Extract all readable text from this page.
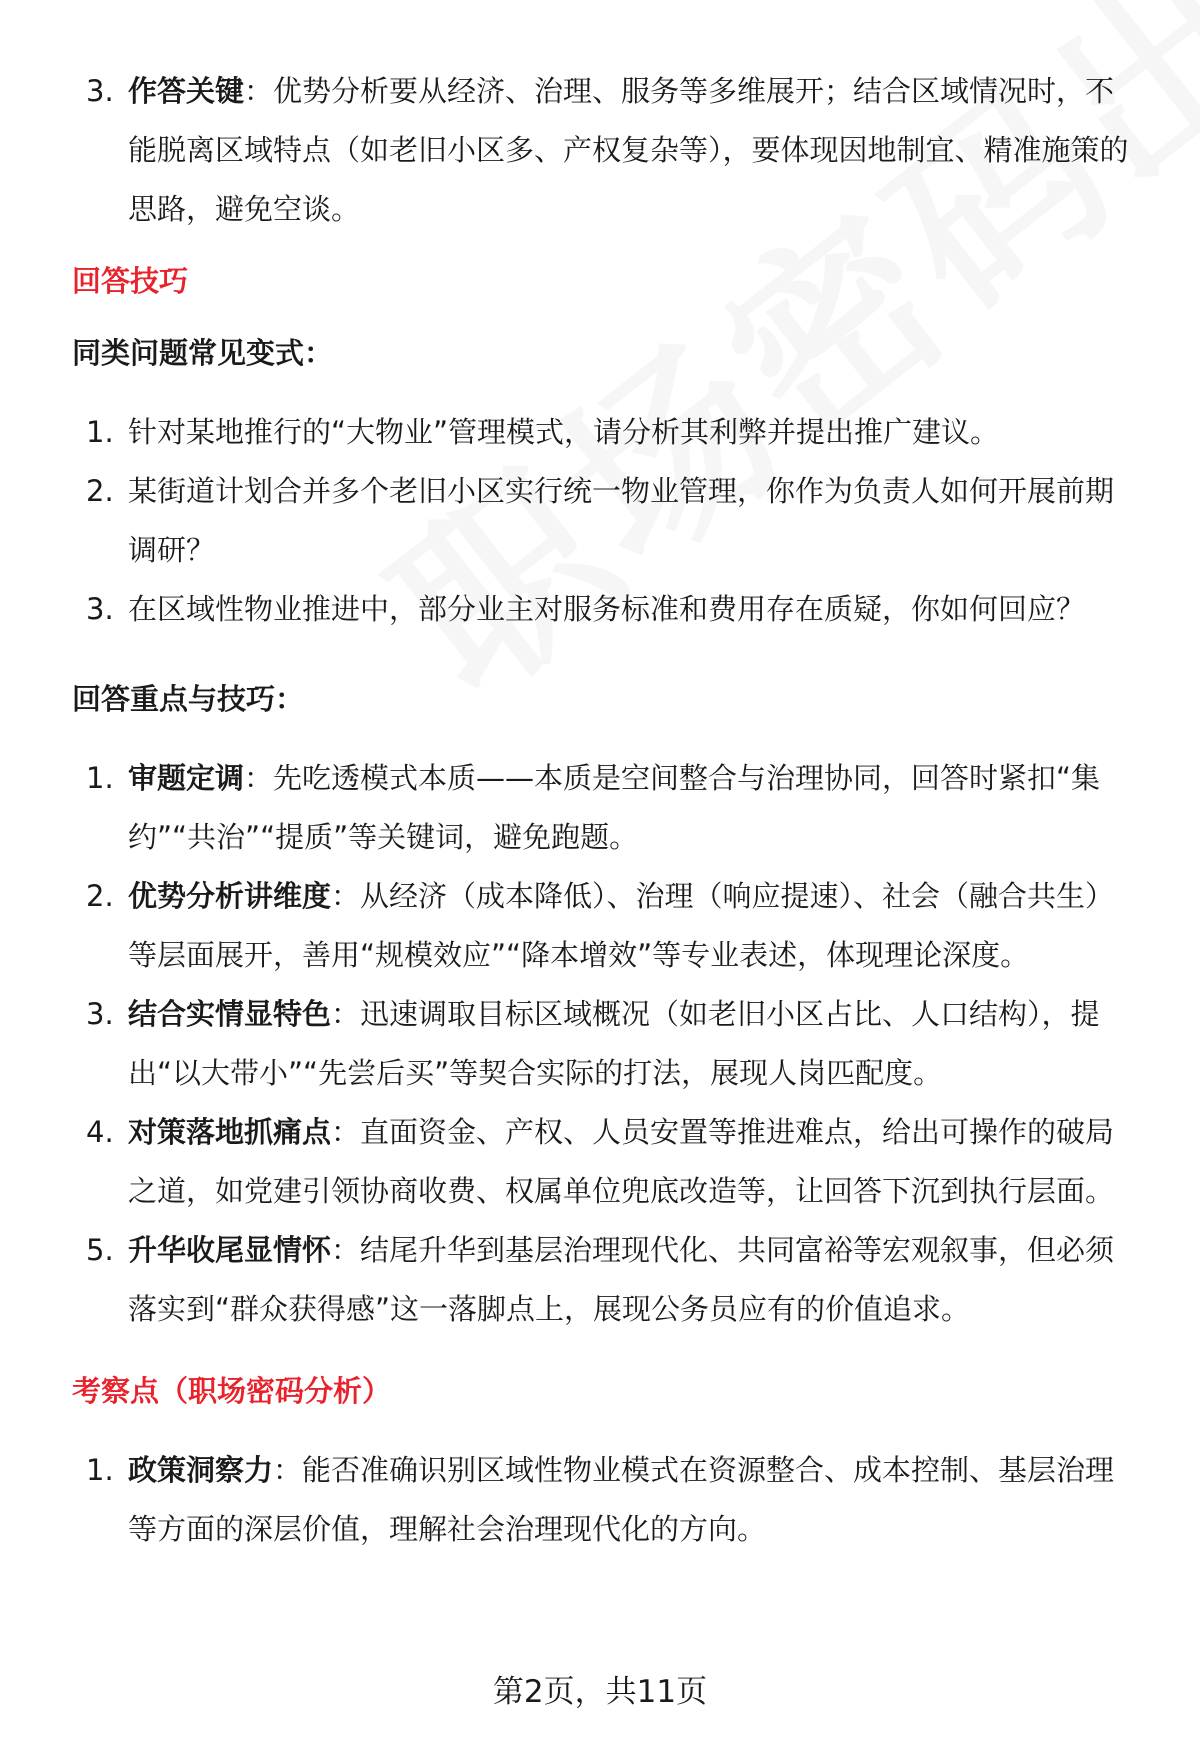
3. 作答关键：优势分析要从经济、治理、服务等多维展开；结合区域情况时，不能脱离区域特点（如老旧小区多、产权复杂等），要体现因地制宜、精准施策的思路，避免空谈。
回答技巧
同类问题常见变式：
1. 针对某地推行的“大物业”管理模式，请分析其利弊并提出推广建议。
2. 某街道计划合并多个老旧小区实行统一物业管理，你作为负责人如何开展前期调研？
3. 在区域性物业推进中，部分业主对服务标准和费用存在质疑，你如何回应？
回答重点与技巧：
1. 审题定调：先吃透模式本质——本质是空间整合与治理协同，回答时紧扣“集约”“共治”“提质”等关键词，避免跑题。
2. 优势分析讲维度：从经济（成本降低）、治理（响应提速）、社会（融合共生）等层面展开，善用“规模效应”“降本增效”等专业表述，体现理论深度。
3. 结合实情显特色：迅速调取目标区域概况（如老旧小区占比、人口结构），提出“以大带小”“先尝后买”等契合实际的打法，展现人岗匹配度。
4. 对策落地抓痛点：直面资金、产权、人员安置等推进难点，给出可操作的破局之道，如党建引领协商收费、权属单位兜底改造等，让回答下沉到执行层面。
5. 升华收尾显情怀：结尾升华到基层治理现代化、共同富裕等宏观叙事，但必须落实到“群众获得感”这一落脚点上，展现公务员应有的价值追求。
考察点（职场密码分析）
1. 政策洞察力：能否准确识别区域性物业模式在资源整合、成本控制、基层治理等方面的深层价值，理解社会治理现代化的方向。
第2页，共11页
